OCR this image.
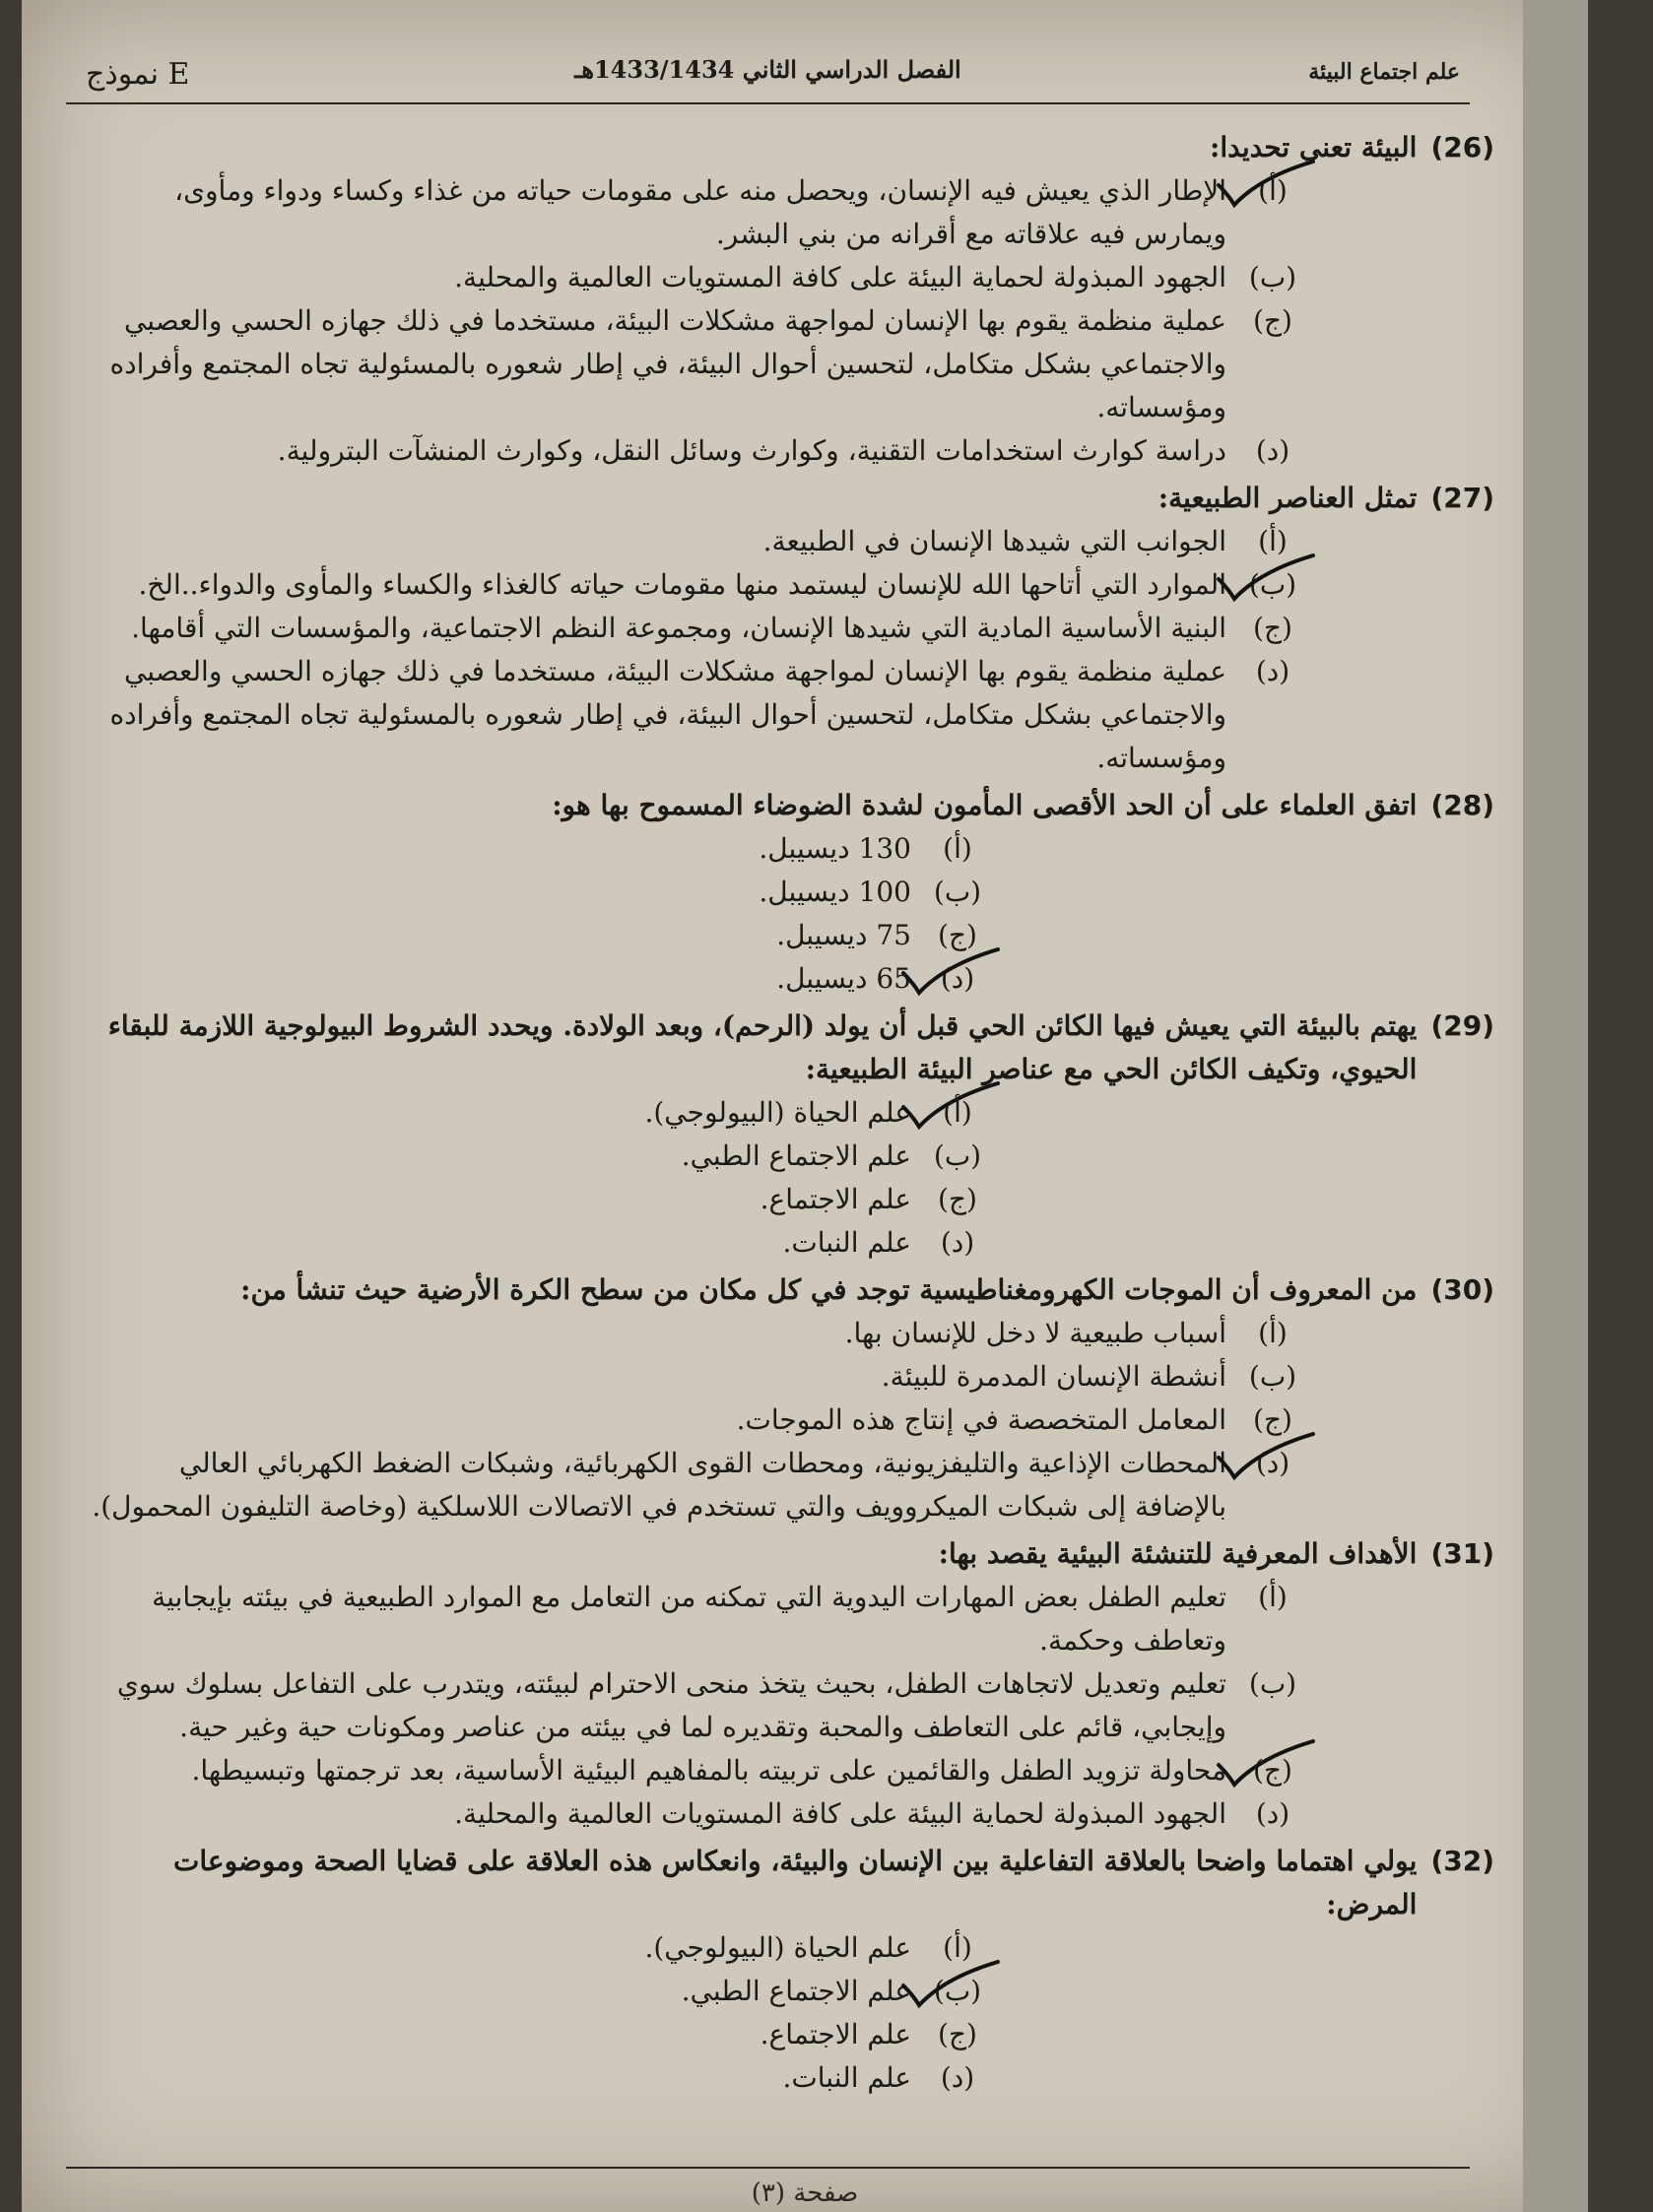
نموذج E	الفصل الدراسي الثاني 1433/1434هـ	علم اجتماع البيئة
(26)
البيئة تعني تحديدا:
(أ)
الإطار الذي يعيش فيه الإنسان، ويحصل منه على مقومات حياته من غذاء وكساء ودواء ومأوى، ويمارس فيه علاقاته مع أقرانه من بني البشر.
(ب)
الجهود المبذولة لحماية البيئة على كافة المستويات العالمية والمحلية.
(ج)
عملية منظمة يقوم بها الإنسان لمواجهة مشكلات البيئة، مستخدما في ذلك جهازه الحسي والعصبي والاجتماعي بشكل متكامل، لتحسين أحوال البيئة، في إطار شعوره بالمسئولية تجاه المجتمع وأفراده ومؤسساته.
(د)
دراسة كوارث استخدامات التقنية، وكوارث وسائل النقل، وكوارث المنشآت البترولية.
(27)
تمثل العناصر الطبيعية:
(أ)
الجوانب التي شيدها الإنسان في الطبيعة.
(ب)
الموارد التي أتاحها الله للإنسان ليستمد منها مقومات حياته كالغذاء والكساء والمأوى والدواء..الخ.
(ج)
البنية الأساسية المادية التي شيدها الإنسان، ومجموعة النظم الاجتماعية، والمؤسسات التي أقامها.
(د)
عملية منظمة يقوم بها الإنسان لمواجهة مشكلات البيئة، مستخدما في ذلك جهازه الحسي والعصبي والاجتماعي بشكل متكامل، لتحسين أحوال البيئة، في إطار شعوره بالمسئولية تجاه المجتمع وأفراده ومؤسساته.
(28)
اتفق العلماء على أن الحد الأقصى المأمون لشدة الضوضاء المسموح بها هو:
(أ)
130 ديسيبل.
(ب)
100 ديسيبل.
(ج)
75 ديسيبل.
(د)
65 ديسيبل.
(29)
يهتم بالبيئة التي يعيش فيها الكائن الحي قبل أن يولد (الرحم)، وبعد الولادة. ويحدد الشروط البيولوجية اللازمة للبقاء الحيوي، وتكيف الكائن الحي مع عناصر البيئة الطبيعية:
(أ)
علم الحياة (البيولوجي).
(ب)
علم الاجتماع الطبي.
(ج)
علم الاجتماع.
(د)
علم النبات.
(30)
من المعروف أن الموجات الكهرومغناطيسية توجد في كل مكان من سطح الكرة الأرضية حيث تنشأ من:
(أ)
أسباب طبيعية لا دخل للإنسان بها.
(ب)
أنشطة الإنسان المدمرة للبيئة.
(ج)
المعامل المتخصصة في إنتاج هذه الموجات.
(د)
المحطات الإذاعية والتليفزيونية، ومحطات القوى الكهربائية، وشبكات الضغط الكهربائي العالي بالإضافة إلى شبكات الميكروويف والتي تستخدم في الاتصالات اللاسلكية (وخاصة التليفون المحمول).
(31)
الأهداف المعرفية للتنشئة البيئية يقصد بها:
(أ)
تعليم الطفل بعض المهارات اليدوية التي تمكنه من التعامل مع الموارد الطبيعية في بيئته بإيجابية وتعاطف وحكمة.
(ب)
تعليم وتعديل لاتجاهات الطفل، بحيث يتخذ منحى الاحترام لبيئته، ويتدرب على التفاعل بسلوك سوي وإيجابي، قائم على التعاطف والمحبة وتقديره لما في بيئته من عناصر ومكونات حية وغير حية.
(ج)
محاولة تزويد الطفل والقائمين على تربيته بالمفاهيم البيئية الأساسية، بعد ترجمتها وتبسيطها.
(د)
الجهود المبذولة لحماية البيئة على كافة المستويات العالمية والمحلية.
(32)
يولي اهتماما واضحا بالعلاقة التفاعلية بين الإنسان والبيئة، وانعكاس هذه العلاقة على قضايا الصحة وموضوعات المرض:
(أ)
علم الحياة (البيولوجي).
(ب)
علم الاجتماع الطبي.
(ج)
علم الاجتماع.
(د)
علم النبات.
صفحة (٣)
